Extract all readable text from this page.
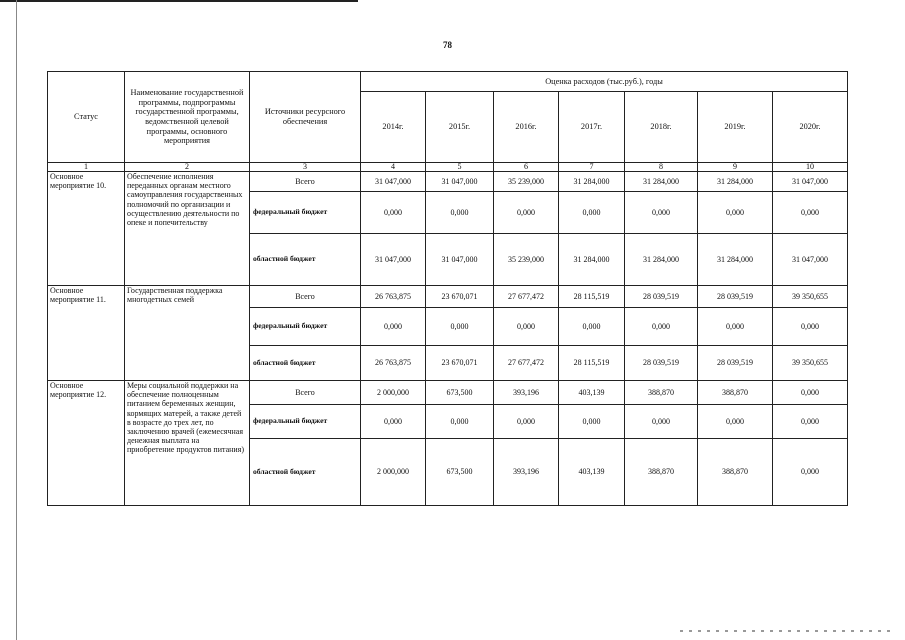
78
Статус	Наименование государственной программы, подпрограммы государственной программы, ведомственной целевой программы, основного мероприятия	Источники ресурсного обеспечения	Оценка расходов (тыс.руб.), годы						
			2014г.	2015г.	2016г.	2017г.	2018г.	2019г.	2020г.
1	2	3	4	5	6	7	8	9	10
Основное мероприятие 10.	Обеспечение исполнения переданных органам местного самоуправления государственных полномочий по организации и осуществлению деятельности по опеке и попечительству	Всего	31 047,000	31 047,000	35 239,000	31 284,000	31 284,000	31 284,000	31 047,000
		федеральный бюджет	0,000	0,000	0,000	0,000	0,000	0,000	0,000
		областной бюджет	31 047,000	31 047,000	35 239,000	31 284,000	31 284,000	31 284,000	31 047,000
Основное мероприятие 11.	Государственная поддержка многодетных семей	Всего	26 763,875	23 670,071	27 677,472	28 115,519	28 039,519	28 039,519	39 350,655
		федеральный бюджет	0,000	0,000	0,000	0,000	0,000	0,000	0,000
		областной бюджет	26 763,875	23 670,071	27 677,472	28 115,519	28 039,519	28 039,519	39 350,655
Основное мероприятие 12.	Меры социальной поддержки на обеспечение полноценным питанием беременных женщин, кормящих матерей, а также детей в возрасте до трех лет, по заключению врачей (ежемесячная денежная выплата на приобретение продуктов питания)	Всего	2 000,000	673,500	393,196	403,139	388,870	388,870	0,000
		федеральный бюджет	0,000	0,000	0,000	0,000	0,000	0,000	0,000
		областной бюджет	2 000,000	673,500	393,196	403,139	388,870	388,870	0,000
